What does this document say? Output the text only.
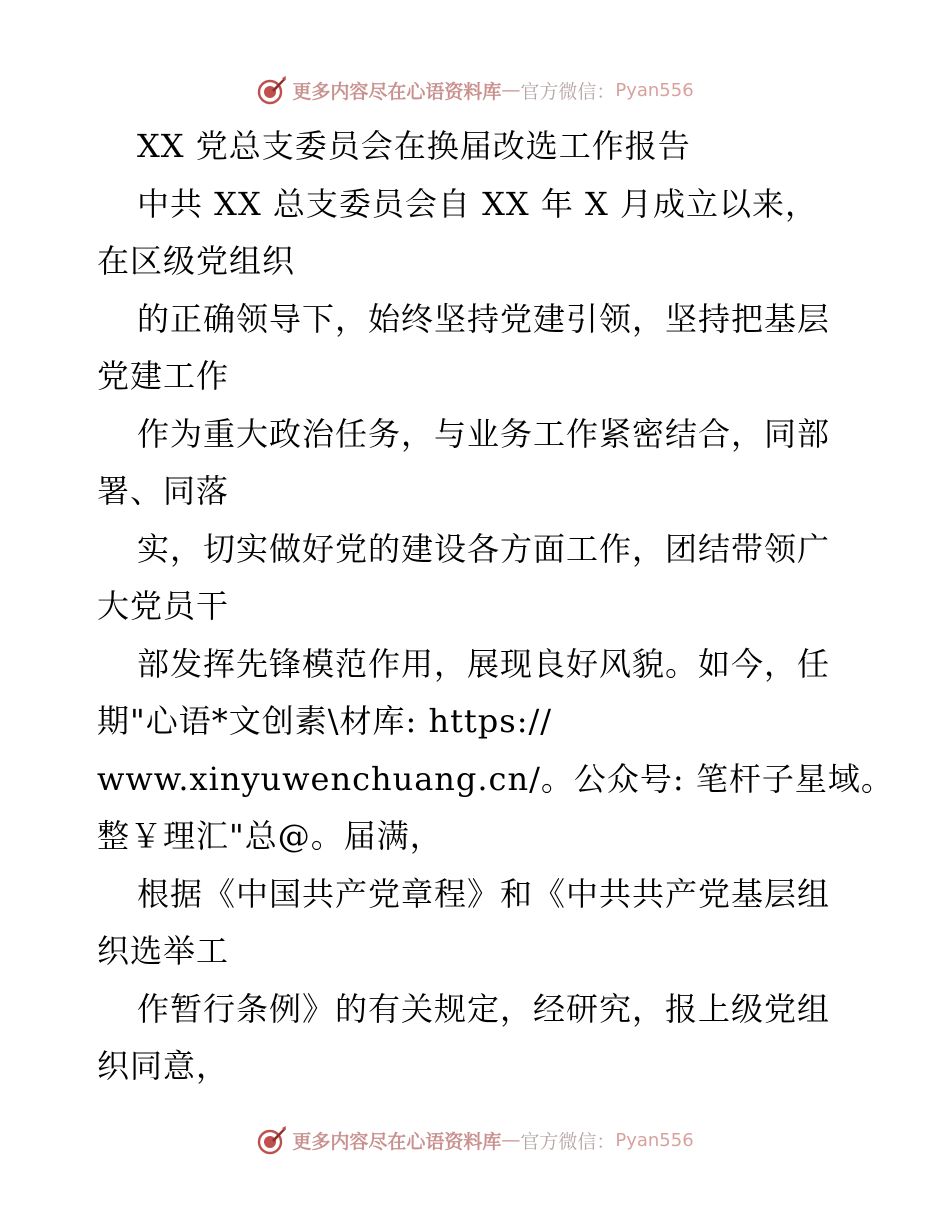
更多内容尽在心语资料库 — 官方微信： Pyan556
XX 党总支委员会在换届改选工作报告
中共 XX 总支委员会自 XX 年 X 月成立以来，
在区级党组织
的正确领导下，始终坚持党建引领，坚持把基层
党建工作
作为重大政治任务，与业务工作紧密结合，同部
署、同落
实，切实做好党的建设各方面工作，团结带领广
大党员干
部发挥先锋模范作用，展现良好风貌。如今，任
期"心语*文创素\材库: https://
www.xinyuwenchuang.cn/。公众号: 笔杆子星域。
整￥理汇"总@。届满，
根据《中国共产党章程》和《中共共产党基层组
织选举工
作暂行条例》的有关规定，经研究，报上级党组
织同意，
更多内容尽在心语资料库 — 官方微信： Pyan556
